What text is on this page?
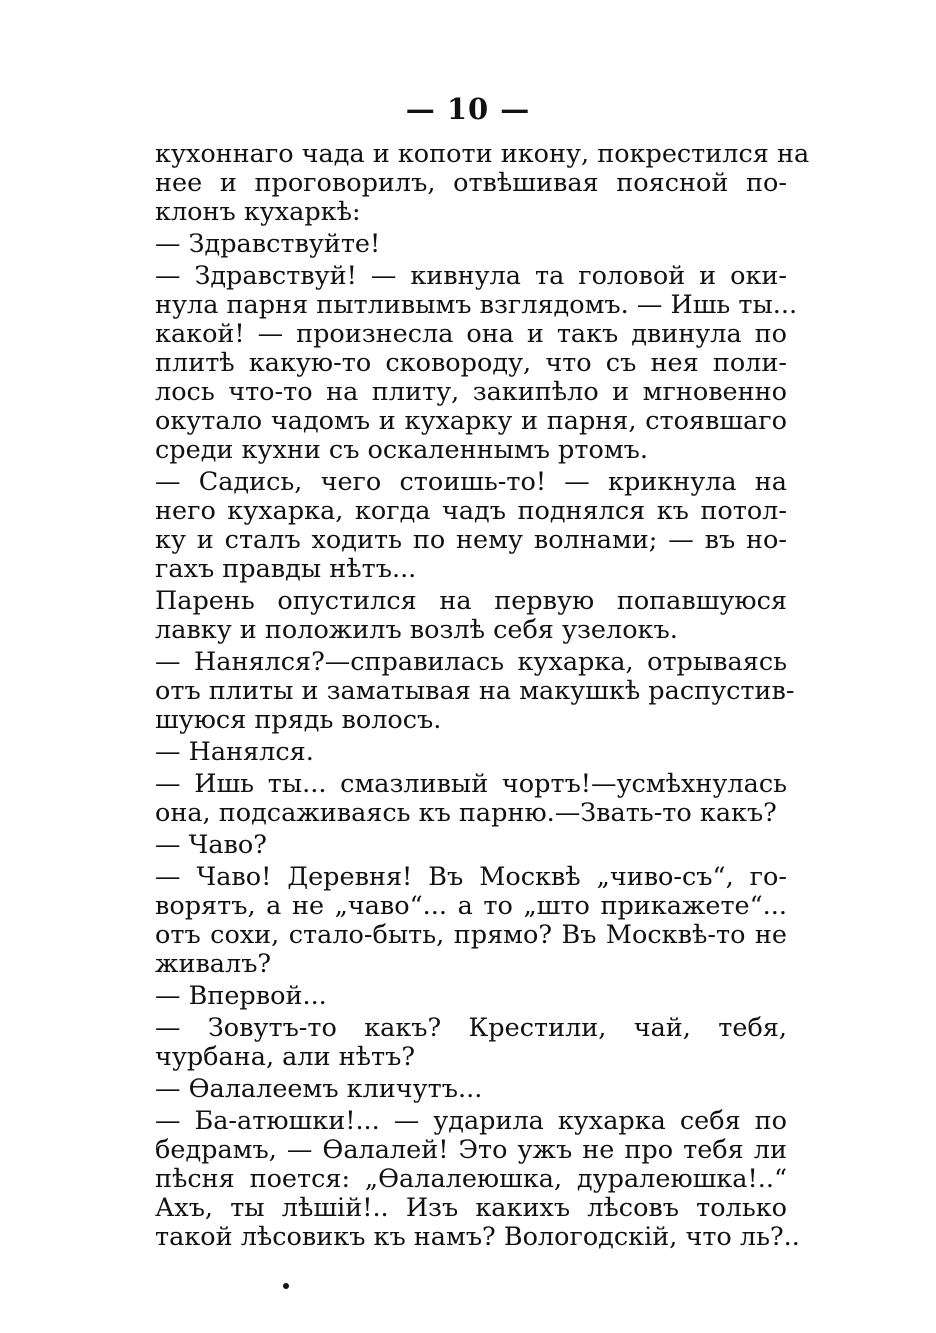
— 10 —
кухоннаго чада и копоти икону, покрестился на
нее и проговорилъ, отвѣшивая поясной по-
клонъ кухаркѣ:
— Здравствуйте!
— Здравствуй! — кивнула та головой и оки-
нула парня пытливымъ взглядомъ. — Ишь ты...
какой! — произнесла она и такъ двинула по
плитѣ какую-то сковороду, что съ нея поли-
лось что-то на плиту, закипѣло и мгновенно
окутало чадомъ и кухарку и парня, стоявшаго
среди кухни съ оскаленнымъ ртомъ.
— Садись, чего стоишь-то! — крикнула на
него кухарка, когда чадъ поднялся къ потол-
ку и сталъ ходить по нему волнами; — въ но-
гахъ правды нѣтъ...
Парень опустился на первую попавшуюся
лавку и положилъ возлѣ себя узелокъ.
— Нанялся?—справилась кухарка, отрываясь
отъ плиты и заматывая на макушкѣ распустив-
шуюся прядь волосъ.
— Нанялся.
— Ишь ты... смазливый чортъ!—усмѣхнулась
она, подсаживаясь къ парню.—Звать-то какъ?
— Чаво?
— Чаво! Деревня! Въ Москвѣ „чиво-съ“, го-
ворятъ, а не „чаво“... а то „што прикажете“...
отъ сохи, стало-быть, прямо? Въ Москвѣ-то не
живалъ?
— Впервой...
— Зовутъ-то какъ? Крестили, чай, тебя,
чурбана, али нѣтъ?
— Ѳалалеемъ кличутъ...
— Ба-атюшки!... — ударила кухарка себя по
бедрамъ, — Ѳалалей! Это ужъ не про тебя ли
пѣсня поется: „Ѳалалеюшка, дуралеюшка!..“
Ахъ, ты лѣшій!.. Изъ какихъ лѣсовъ только
такой лѣсовикъ къ намъ? Вологодскій, что ль?..
